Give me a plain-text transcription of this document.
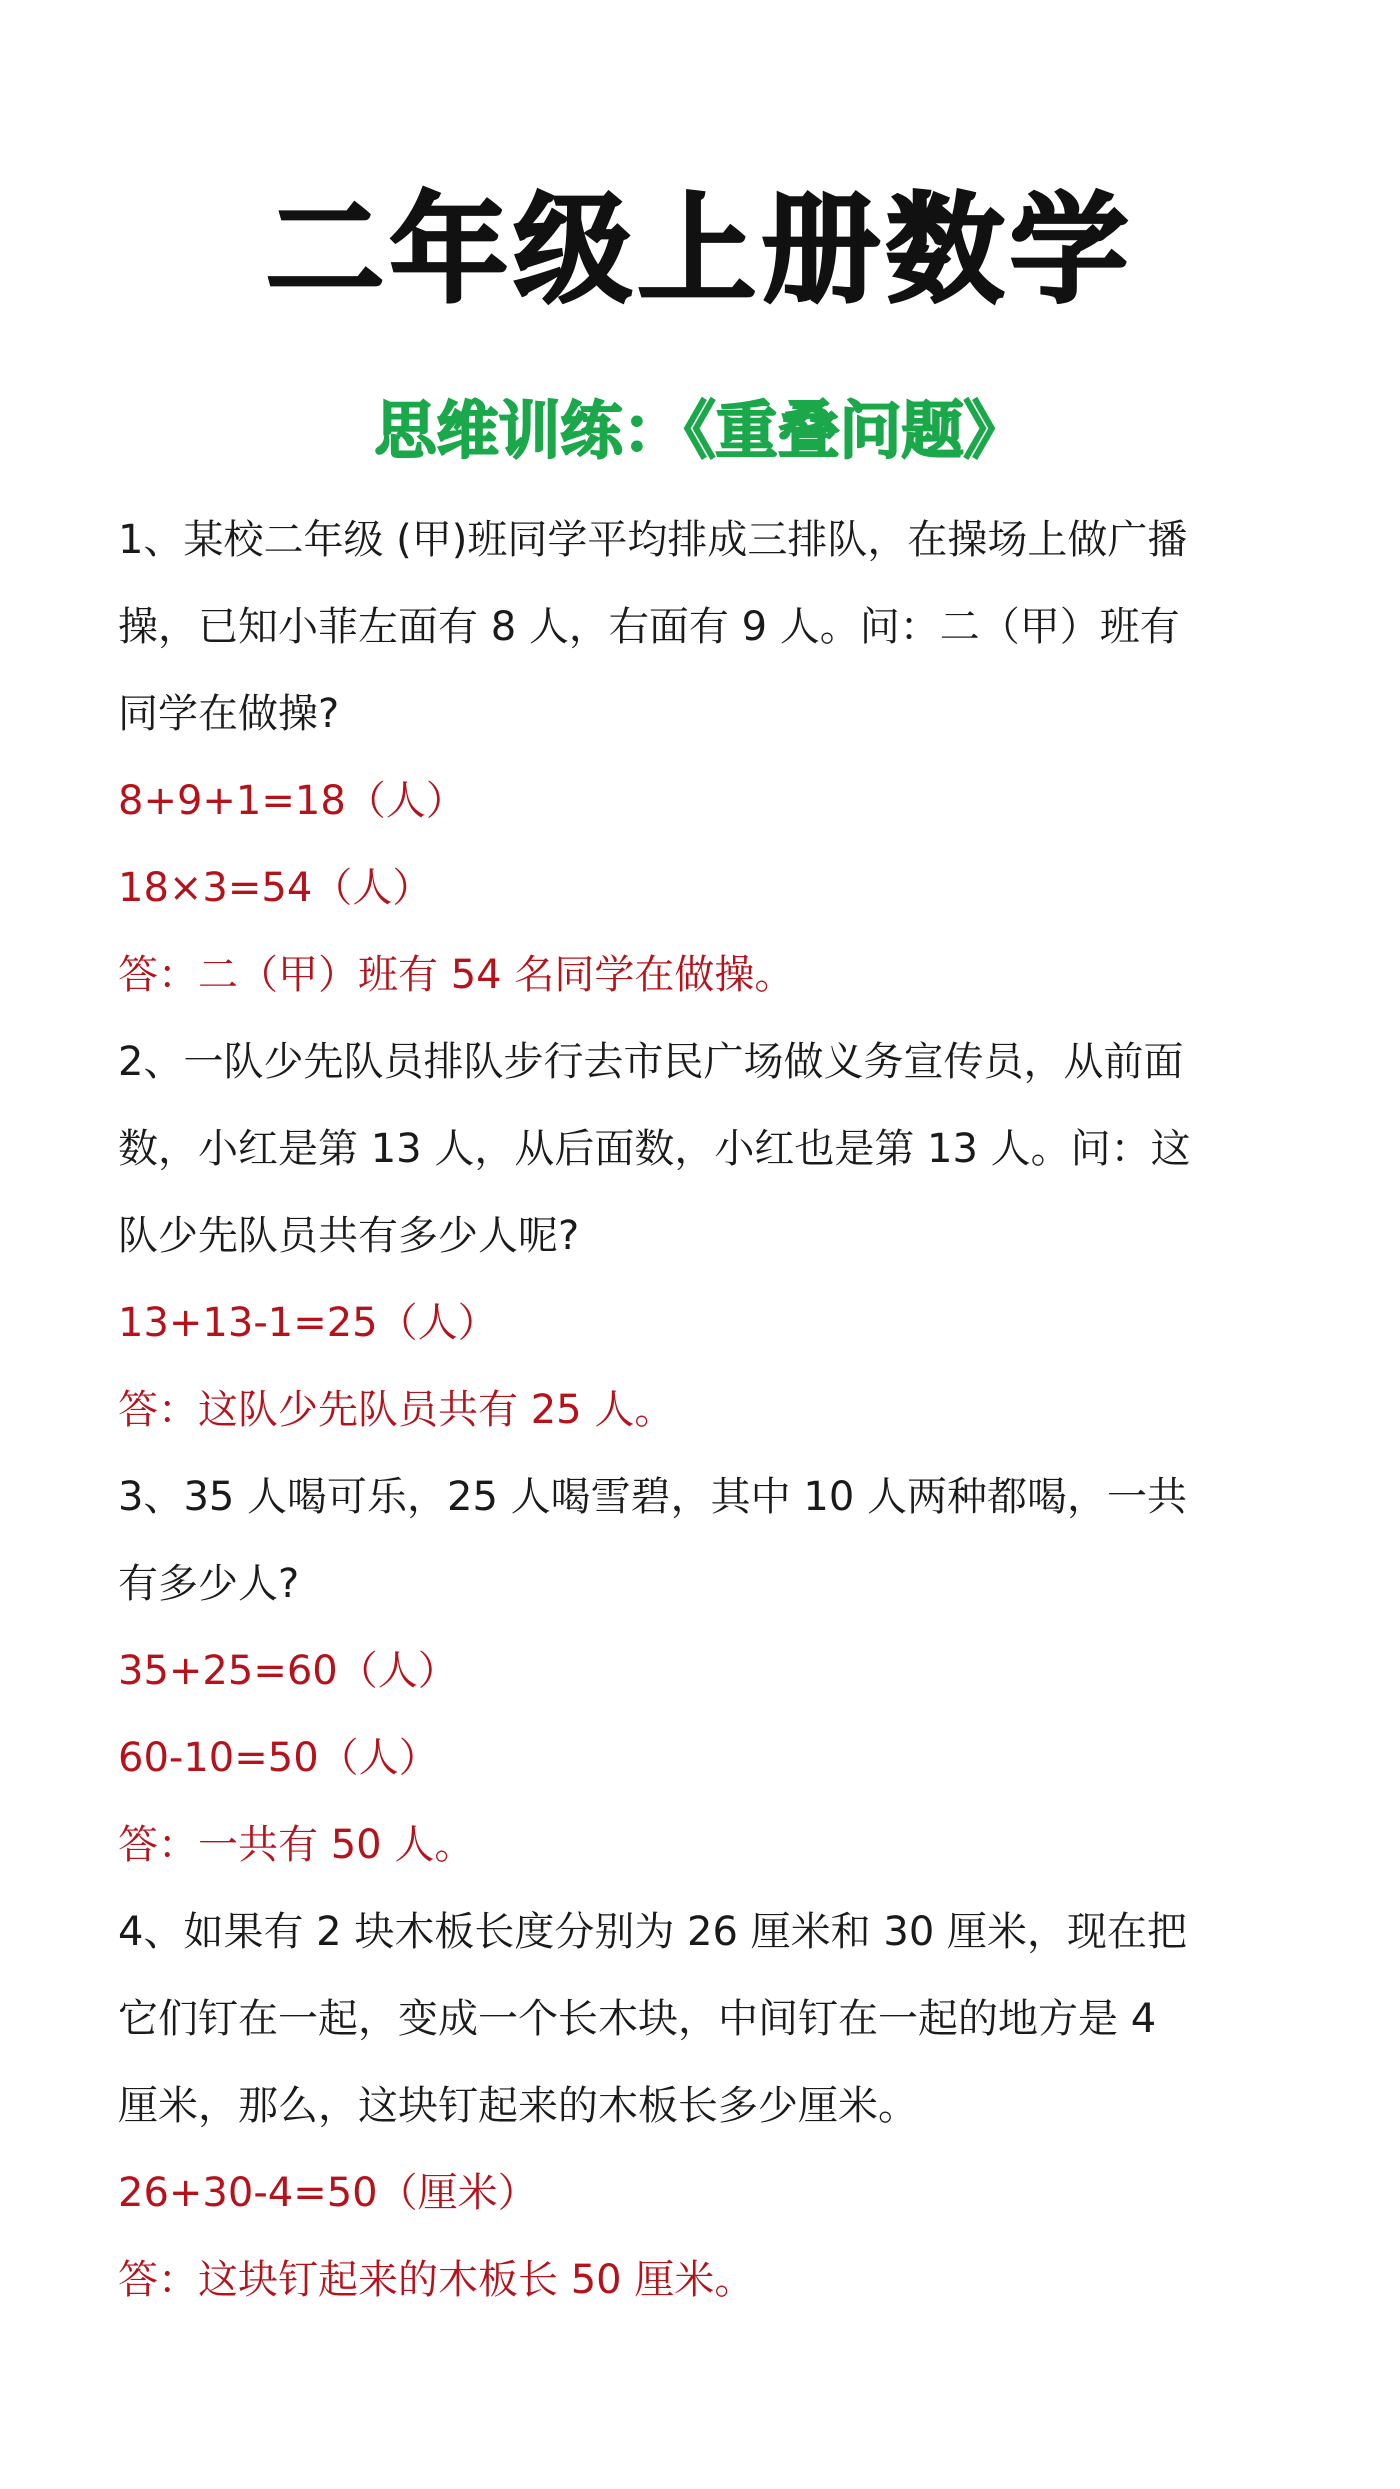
二年级上册数学
思维训练：《重叠问题》
1、某校二年级 (甲)班同学平均排成三排队，在操场上做广播
操，已知小菲左面有 8 人，右面有 9 人。问：二（甲）班有
同学在做操?
8+9+1=18（人）
18×3=54（人）
答：二（甲）班有 54 名同学在做操。
2、一队少先队员排队步行去市民广场做义务宣传员，从前面
数，小红是第 13 人，从后面数，小红也是第 13 人。问：这
队少先队员共有多少人呢?
13+13-1=25（人）
答：这队少先队员共有 25 人。
3、35 人喝可乐，25 人喝雪碧，其中 10 人两种都喝，一共
有多少人?
35+25=60（人）
60-10=50（人）
答：一共有 50 人。
4、如果有 2 块木板长度分别为 26 厘米和 30 厘米，现在把
它们钉在一起，变成一个长木块，中间钉在一起的地方是 4
厘米，那么，这块钉起来的木板长多少厘米。
26+30-4=50（厘米）
答：这块钉起来的木板长 50 厘米。
